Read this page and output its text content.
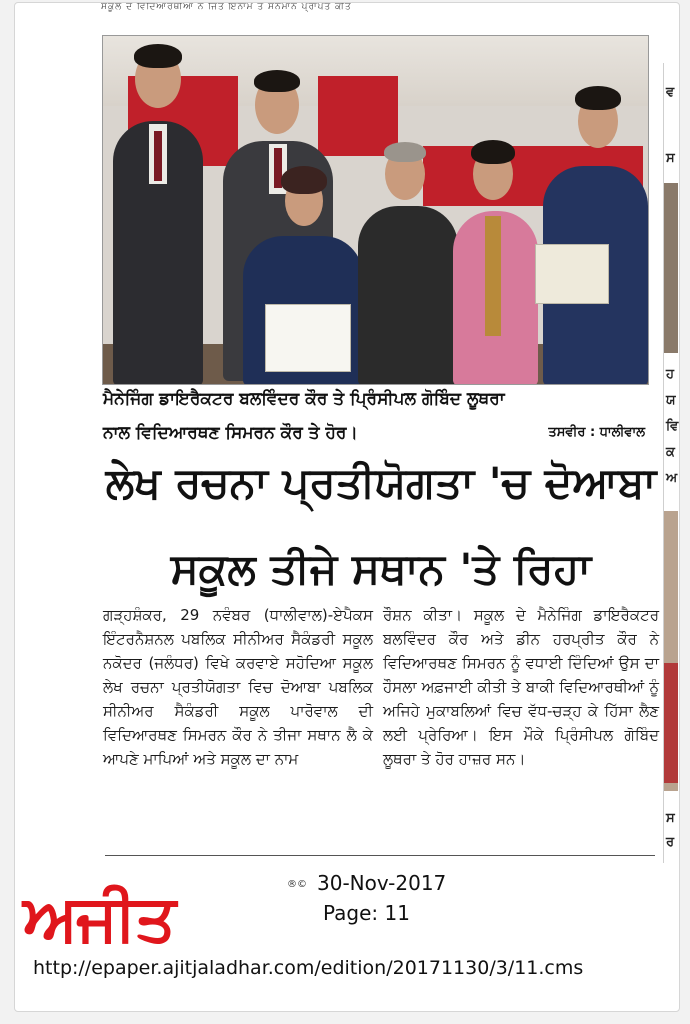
ਸਕੂਲ ਦੇ ਵਿਦਿਆਰਥੀਆਂ ਨੇ ਜਿੱਤੇ ਇਨਾਮ ਤੇ ਸਨਮਾਨ ਪ੍ਰਾਪਤ ਕੀਤੇ
ਮੈਨੇਜਿੰਗ ਡਾਇਰੈਕਟਰ ਬਲਵਿੰਦਰ ਕੌਰ ਤੇ ਪ੍ਰਿੰਸੀਪਲ ਗੋਬਿੰਦ ਲੂਥਰਾ
ਨਾਲ ਵਿਦਿਆਰਥਣ ਸਿਮਰਨ ਕੌਰ ਤੇ ਹੋਰ।	ਤਸਵੀਰ : ਧਾਲੀਵਾਲ
ਲੇਖ ਰਚਨਾ ਪ੍ਰਤੀਯੋਗਤਾ 'ਚ ਦੋਆਬਾ
ਸਕੂਲ ਤੀਜੇ ਸਥਾਨ 'ਤੇ ਰਿਹਾ
ਗੜ੍ਹਸ਼ੰਕਰ, 29 ਨਵੰਬਰ (ਧਾਲੀਵਾਲ)-ਏਪੈਕਸ ਇੰਟਰਨੈਸ਼ਨਲ ਪਬਲਿਕ ਸੀਨੀਅਰ ਸੈਕੰਡਰੀ ਸਕੂਲ ਨਕੋਦਰ (ਜਲੰਧਰ) ਵਿਖੇ ਕਰਵਾਏ ਸਹੋਦਿਆ ਸਕੂਲ ਲੇਖ ਰਚਨਾ ਪ੍ਰਤੀਯੋਗਤਾ ਵਿਚ ਦੋਆਬਾ ਪਬਲਿਕ ਸੀਨੀਅਰ ਸੈਕੰਡਰੀ ਸਕੂਲ ਪਾਰੋਵਾਲ ਦੀ ਵਿਦਿਆਰਥਣ ਸਿਮਰਨ ਕੌਰ ਨੇ ਤੀਜਾ ਸਥਾਨ ਲੈ ਕੇ ਆਪਣੇ ਮਾਪਿਆਂ ਅਤੇ ਸਕੂਲ ਦਾ ਨਾਮ
ਰੌਸ਼ਨ ਕੀਤਾ। ਸਕੂਲ ਦੇ ਮੈਨੇਜਿੰਗ ਡਾਇਰੈਕਟਰ ਬਲਵਿੰਦਰ ਕੌਰ ਅਤੇ ਡੀਨ ਹਰਪ੍ਰੀਤ ਕੌਰ ਨੇ ਵਿਦਿਆਰਥਣ ਸਿਮਰਨ ਨੂੰ ਵਧਾਈ ਦਿੰਦਿਆਂ ਉਸ ਦਾ ਹੌਸਲਾ ਅਫ਼ਜਾਈ ਕੀਤੀ ਤੇ ਬਾਕੀ ਵਿਦਿਆਰਥੀਆਂ ਨੂੰ ਅਜਿਹੇ ਮੁਕਾਬਲਿਆਂ ਵਿਚ ਵੱਧ-ਚੜ੍ਹ ਕੇ ਹਿੱਸਾ ਲੈਣ ਲਈ ਪ੍ਰੇਰਿਆ। ਇਸ ਮੌਕੇ ਪ੍ਰਿੰਸੀਪਲ ਗੋਬਿੰਦ ਲੂਥਰਾ ਤੇ ਹੋਰ ਹਾਜ਼ਰ ਸਨ।
ਅਜੀਤ	®© 30-Nov-2017
Page: 11
http://epaper.ajitjaladhar.com/edition/20171130/3/11.cms
ਵ
ਸ
ਹ
ਯ
ਵਿ
ਕ
ਅ
ਸ
ਰ
